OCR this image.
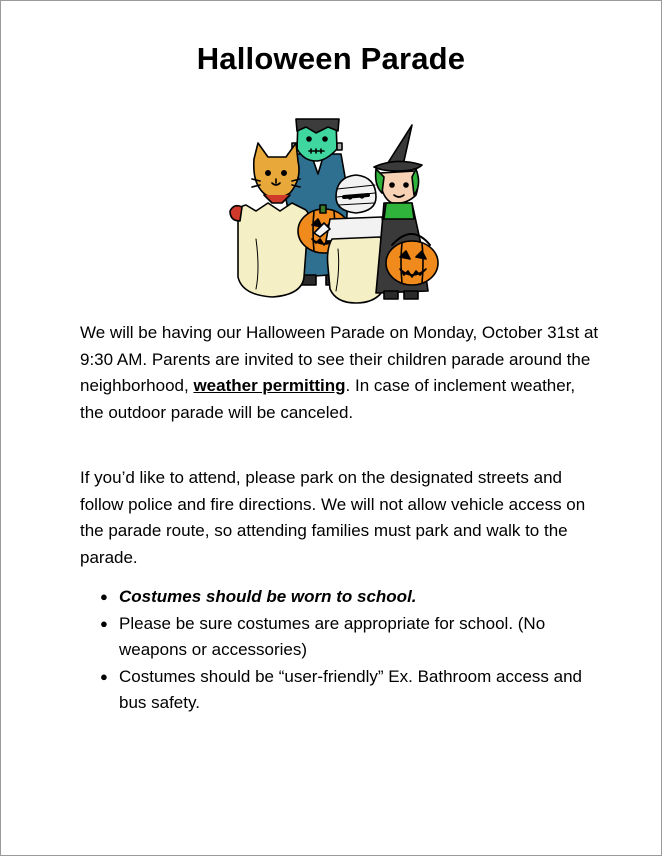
Halloween Parade

We will be having our Halloween Parade on Monday, October 31st at 9:30 AM. Parents are invited to see their children parade around the neighborhood, weather permitting. In case of inclement weather, the outdoor parade will be canceled.

If you’d like to attend, please park on the designated streets and follow police and fire directions. We will not allow vehicle access on the parade route, so attending families must park and walk to the parade.

● Costumes should be worn to school.
● Please be sure costumes are appropriate for school. (No weapons or accessories)
● Costumes should be “user-friendly” Ex. Bathroom access and bus safety.
